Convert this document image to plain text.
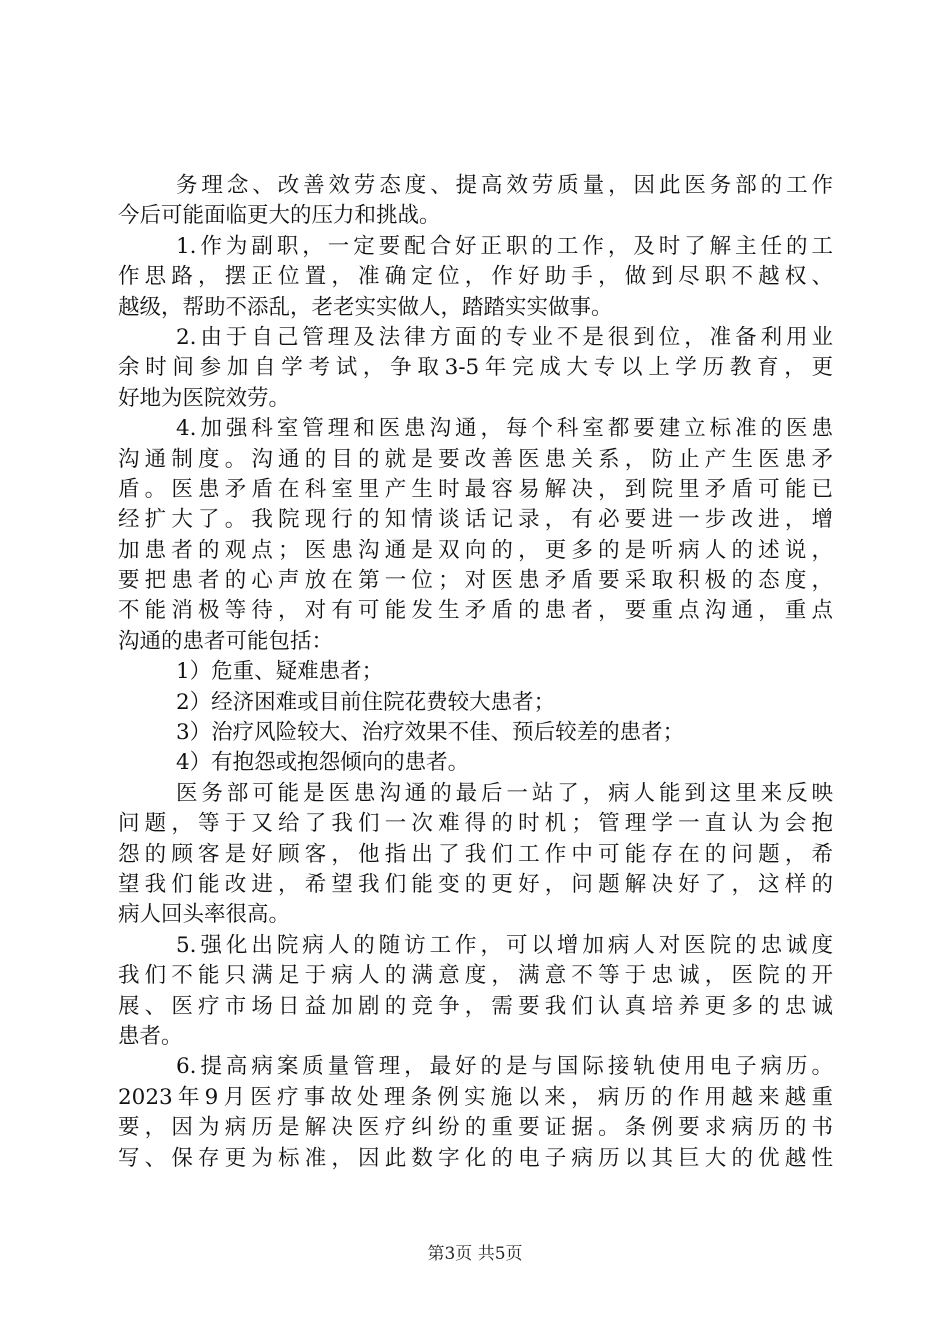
务理念、改善效劳态度、提高效劳质量，因此医务部的工作
今后可能面临更大的压力和挑战。
1.作为副职，一定要配合好正职的工作，及时了解主任的工
作思路，摆正位置，准确定位，作好助手，做到尽职不越权、
越级，帮助不添乱，老老实实做人，踏踏实实做事。
2.由于自己管理及法律方面的专业不是很到位，准备利用业
余时间参加自学考试，争取3-5年完成大专以上学历教育，更
好地为医院效劳。
4.加强科室管理和医患沟通，每个科室都要建立标准的医患
沟通制度。沟通的目的就是要改善医患关系，防止产生医患矛
盾。医患矛盾在科室里产生时最容易解决，到院里矛盾可能已
经扩大了。我院现行的知情谈话记录，有必要进一步改进，增
加患者的观点；医患沟通是双向的，更多的是听病人的述说，
要把患者的心声放在第一位；对医患矛盾要采取积极的态度，
不能消极等待，对有可能发生矛盾的患者，要重点沟通，重点
沟通的患者可能包括：
1）危重、疑难患者；
2）经济困难或目前住院花费较大患者；
3）治疗风险较大、治疗效果不佳、预后较差的患者；
4）有抱怨或抱怨倾向的患者。
医务部可能是医患沟通的最后一站了，病人能到这里来反映
问题，等于又给了我们一次难得的时机；管理学一直认为会抱
怨的顾客是好顾客，他指出了我们工作中可能存在的问题，希
望我们能改进，希望我们能变的更好，问题解决好了，这样的
病人回头率很高。
5.强化出院病人的随访工作，可以增加病人对医院的忠诚度
我们不能只满足于病人的满意度，满意不等于忠诚，医院的开
展、医疗市场日益加剧的竞争，需要我们认真培养更多的忠诚
患者。
6.提高病案质量管理，最好的是与国际接轨使用电子病历。
2023年9月医疗事故处理条例实施以来，病历的作用越来越重
要，因为病历是解决医疗纠纷的重要证据。条例要求病历的书
写、保存更为标准，因此数字化的电子病历以其巨大的优越性
第3页 共5页
